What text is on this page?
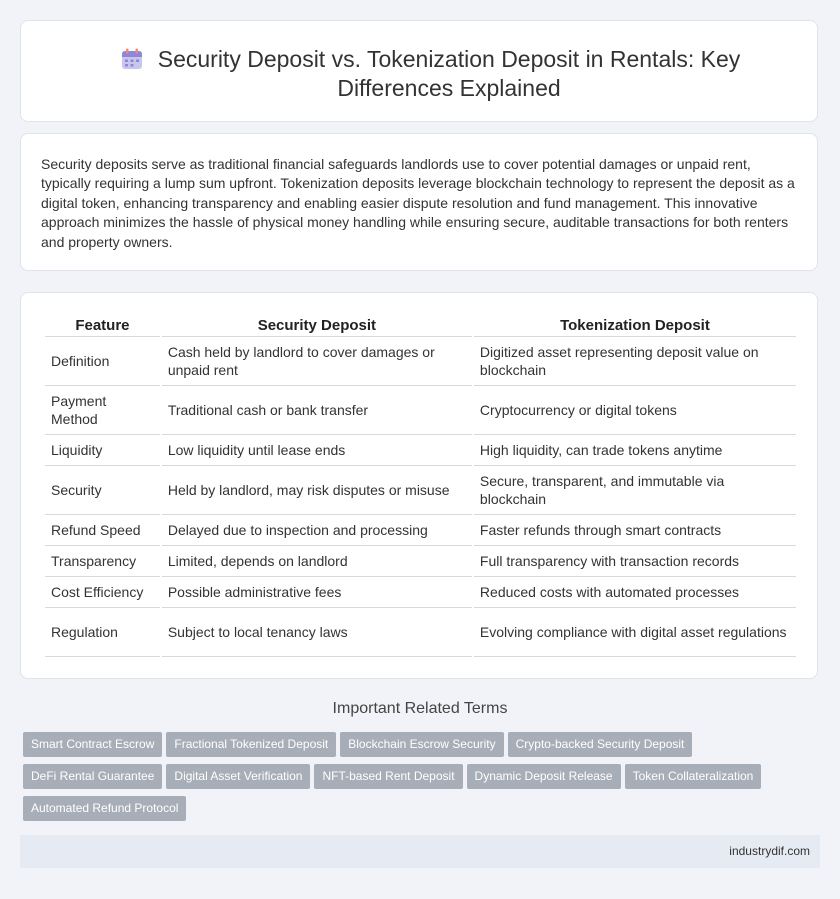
Security Deposit vs. Tokenization Deposit in Rentals: Key Differences Explained

Security deposits serve as traditional financial safeguards landlords use to cover potential damages or unpaid rent, typically requiring a lump sum upfront. Tokenization deposits leverage blockchain technology to represent the deposit as a digital token, enhancing transparency and enabling easier dispute resolution and fund management. This innovative approach minimizes the hassle of physical money handling while ensuring secure, auditable transactions for both renters and property owners.

Feature	Security Deposit	Tokenization Deposit
Definition	Cash held by landlord to cover damages or unpaid rent	Digitized asset representing deposit value on blockchain
Payment Method	Traditional cash or bank transfer	Cryptocurrency or digital tokens
Liquidity	Low liquidity until lease ends	High liquidity, can trade tokens anytime
Security	Held by landlord, may risk disputes or misuse	Secure, transparent, and immutable via blockchain
Refund Speed	Delayed due to inspection and processing	Faster refunds through smart contracts
Transparency	Limited, depends on landlord	Full transparency with transaction records
Cost Efficiency	Possible administrative fees	Reduced costs with automated processes
Regulation	Subject to local tenancy laws	Evolving compliance with digital asset regulations
Important Related Terms
Smart Contract Escrow Fractional Tokenized Deposit Blockchain Escrow Security Crypto-backed Security Deposit
DeFi Rental Guarantee Digital Asset Verification NFT-based Rent Deposit Dynamic Deposit Release Token Collateralization
Automated Refund Protocol
industrydif.com
